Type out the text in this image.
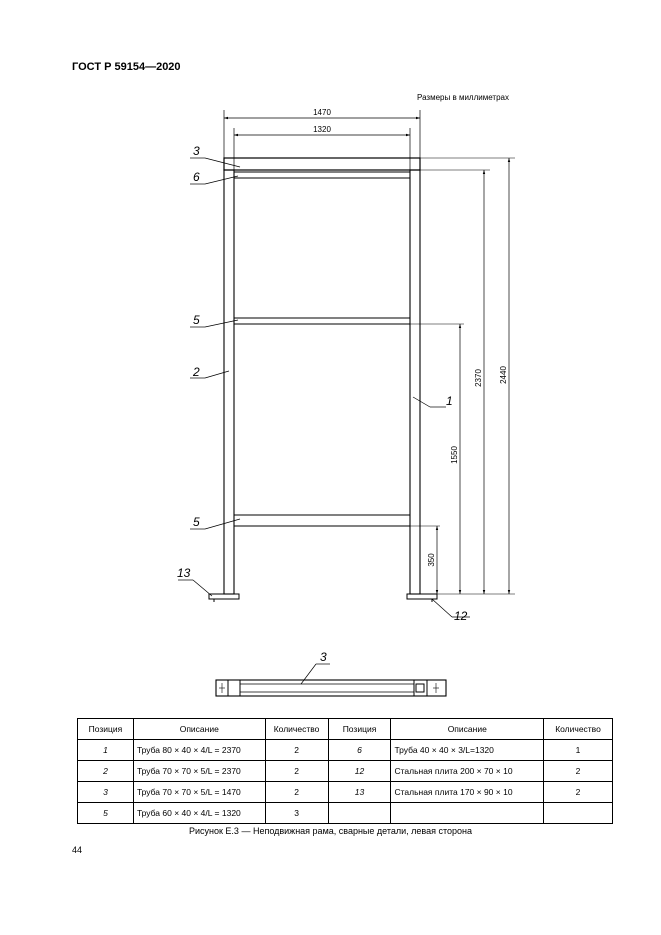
ГОСТ Р 59154—2020
Размеры в миллиметрах
1470
1320
2440
2370
1550
350
3
6
5
2
5
1
13
12
3
Позиция	Описание	Количество	Позиция	Описание	Количество
1	Труба 80 × 40 × 4/L = 2370	2	6	Труба 40 × 40 × 3/L=1320	1
2	Труба 70 × 70 × 5/L = 2370	2	12	Стальная плита 200 × 70 × 10	2
3	Труба 70 × 70 × 5/L = 1470	2	13	Стальная плита 170 × 90 × 10	2
5	Труба 60 × 40 × 4/L = 1320	3			
Рисунок Е.3 — Неподвижная рама, сварные детали, левая сторона
44
